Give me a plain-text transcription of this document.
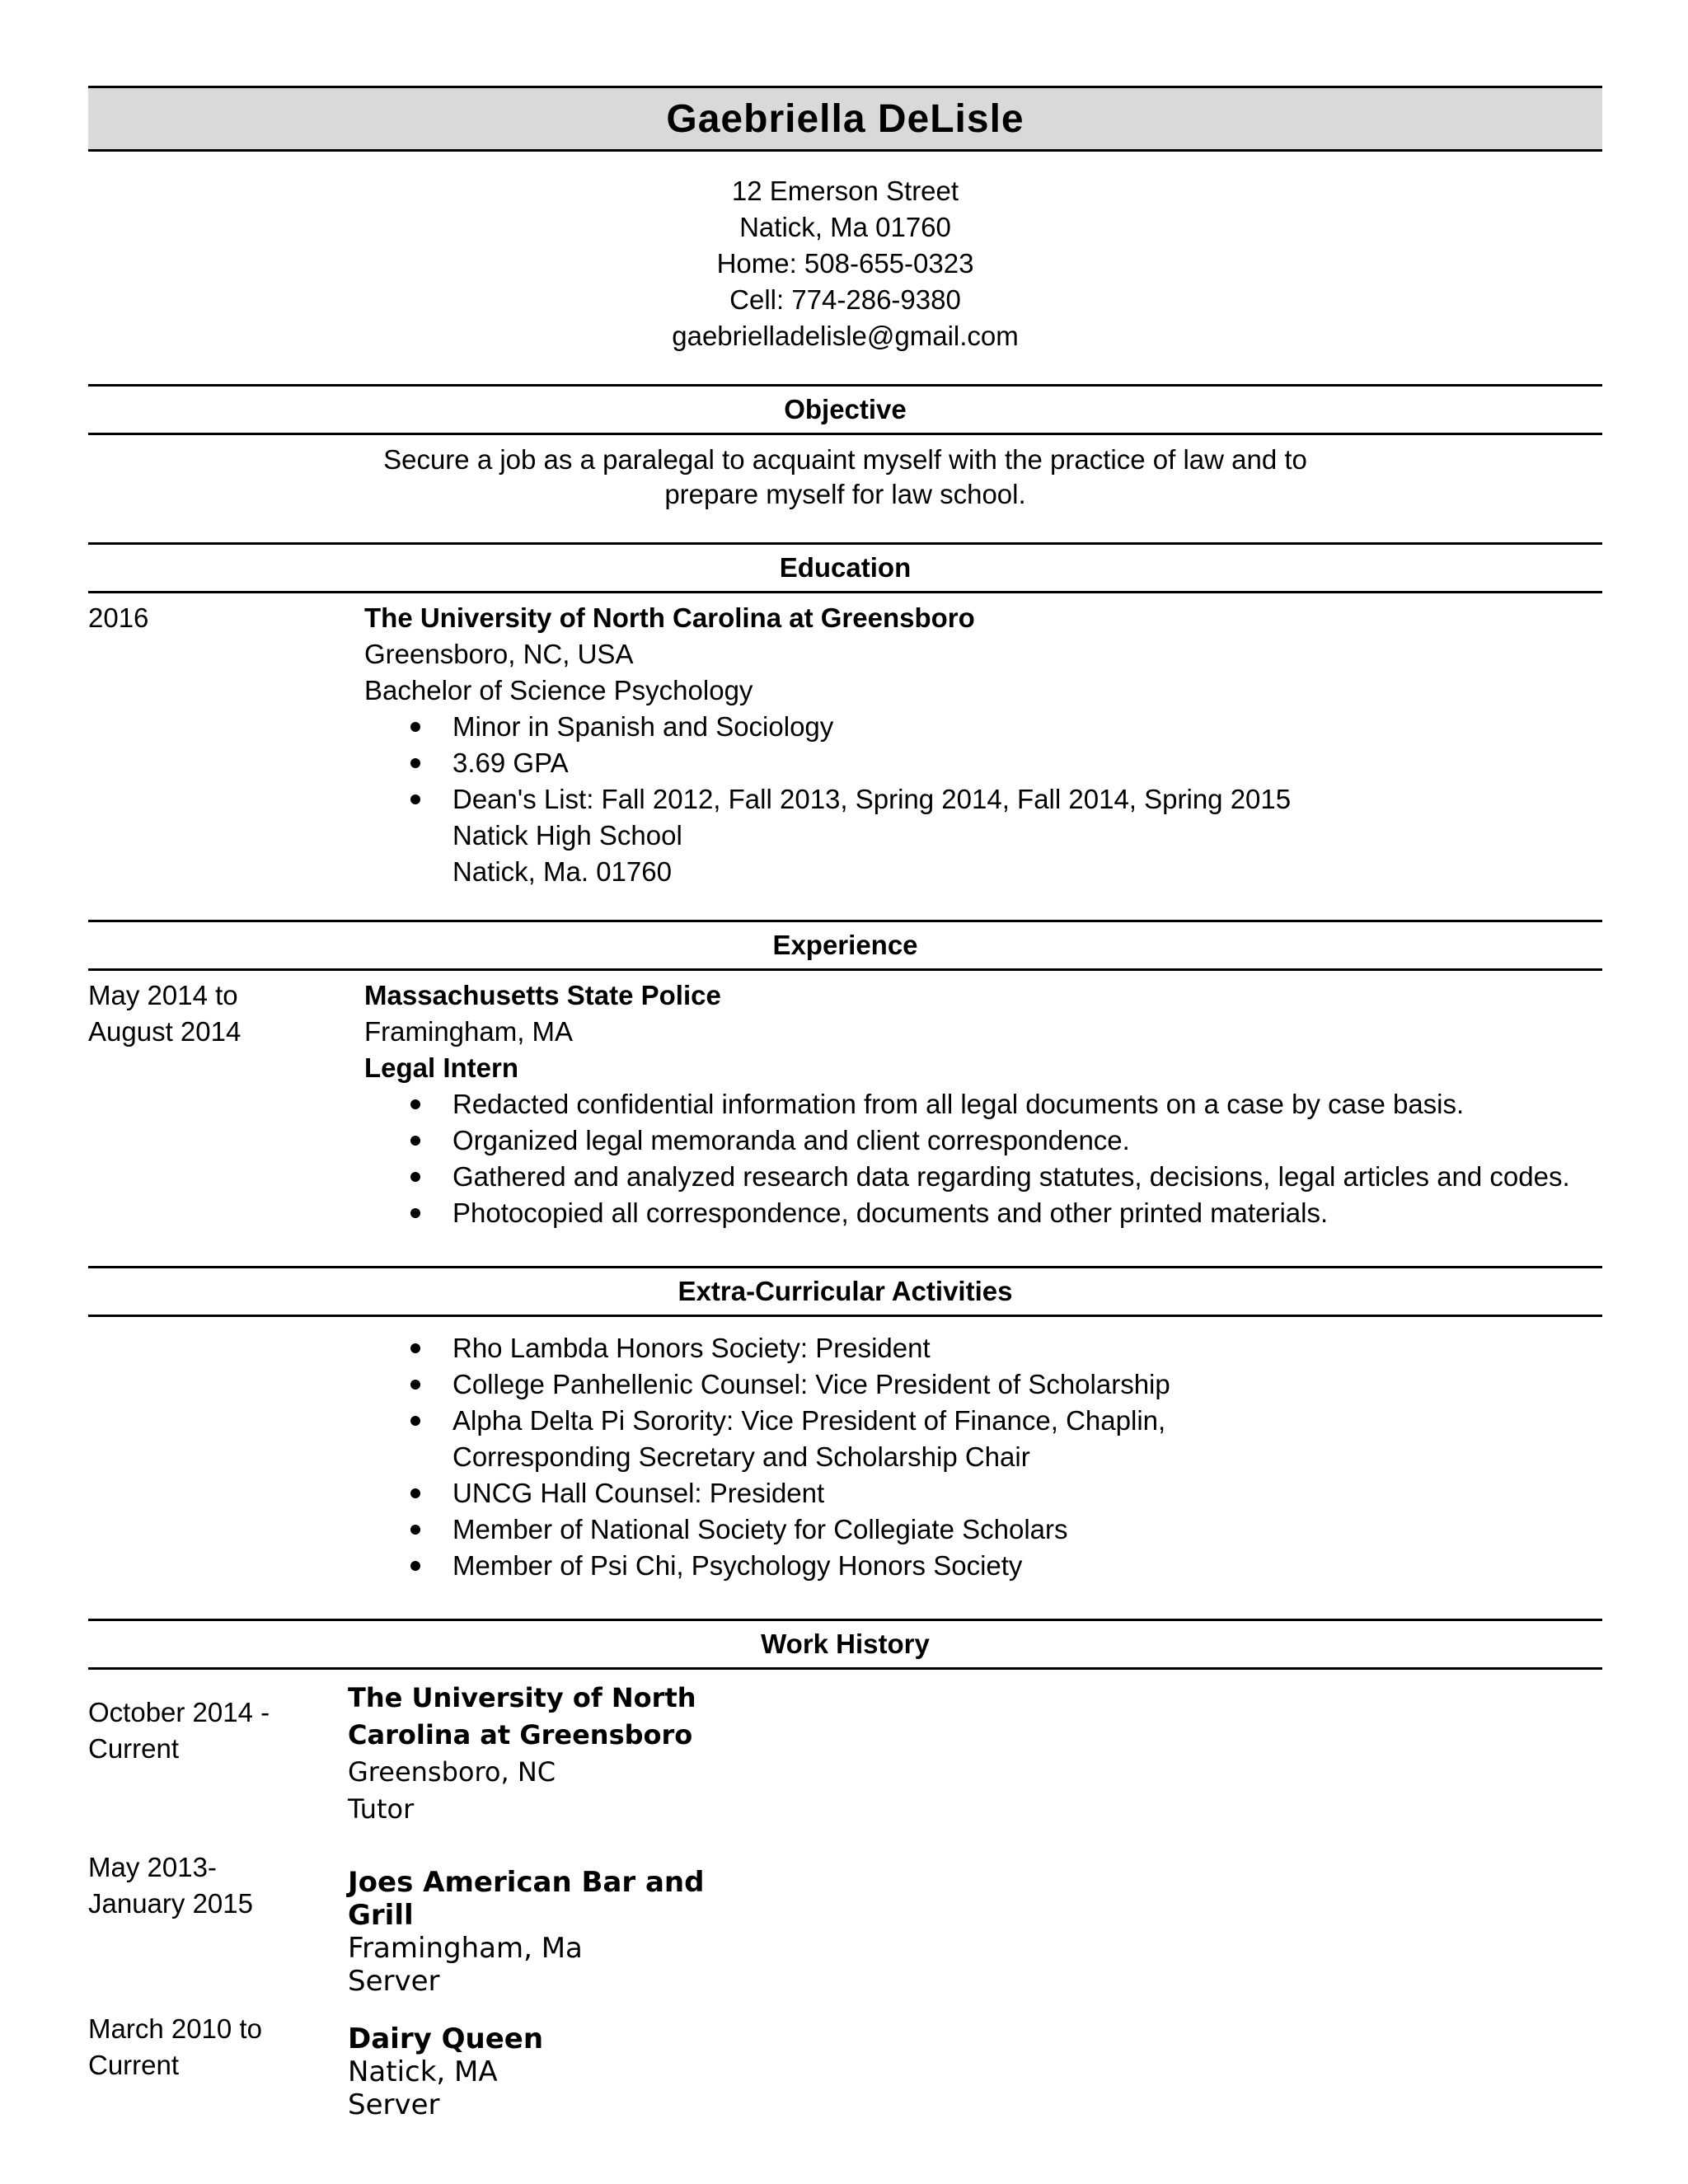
Gaebriella DeLisle
12 Emerson Street
Natick, Ma 01760
Home: 508-655-0323
Cell: 774-286-9380
gaebrielladelisle@gmail.com
Objective
Secure a job as a paralegal to acquaint myself with the practice of law and to
prepare myself for law school.
Education
2016	The University of North Carolina at Greensboro
Greensboro, NC, USA
Bachelor of Science Psychology
Minor in Spanish and Sociology
3.69 GPA
Dean's List: Fall 2012, Fall 2013, Spring 2014, Fall 2014, Spring 2015
Natick High School
Natick, Ma. 01760
Experience
May 2014 to
August 2014
Massachusetts State Police
Framingham, MA
Legal Intern
Redacted confidential information from all legal documents on a case by case basis.
Organized legal memoranda and client correspondence.
Gathered and analyzed research data regarding statutes, decisions, legal articles and codes.
Photocopied all correspondence, documents and other printed materials.
Extra-Curricular Activities
Rho Lambda Honors Society: President
College Panhellenic Counsel: Vice President of Scholarship
Alpha Delta Pi Sorority: Vice President of Finance, Chaplin,
Corresponding Secretary and Scholarship Chair
UNCG Hall Counsel: President
Member of National Society for Collegiate Scholars
Member of Psi Chi, Psychology Honors Society
Work History
October 2014 -
Current
The University of North
Carolina at Greensboro
Greensboro, NC
Tutor
May 2013-
January 2015
Joes American Bar and
Grill
Framingham, Ma
Server
March 2010 to
Current
Dairy Queen
Natick, MA
Server
